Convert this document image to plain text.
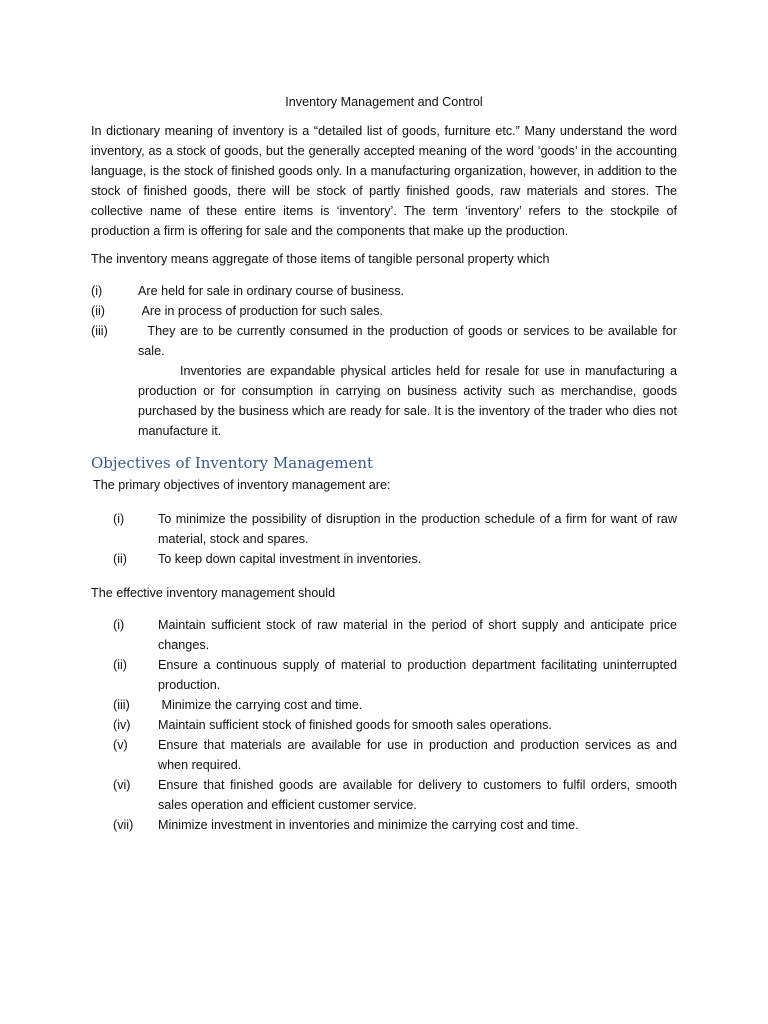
Inventory Management and Control

In dictionary meaning of inventory is a “detailed list of goods, furniture etc.” Many understand the word inventory, as a stock of goods, but the generally accepted meaning of the word ‘goods’ in the accounting language, is the stock of finished goods only. In a manufacturing organization, however, in addition to the stock of finished goods, there will be stock of partly finished goods, raw materials and stores. The collective name of these entire items is ‘inventory’. The term ‘inventory’ refers to the stockpile of production a firm is offering for sale and the components that make up the production.

The inventory means aggregate of those items of tangible personal property which

(i)	Are held for sale in ordinary course of business.
(ii)	Are in process of production for such sales.
(iii)	They are to be currently consumed in the production of goods or services to be available for sale.

Inventories are expandable physical articles held for resale for use in manufacturing a production or for consumption in carrying on business activity such as merchandise, goods purchased by the business which are ready for sale. It is the inventory of the trader who dies not manufacture it.

Objectives of Inventory Management

The primary objectives of inventory management are:

(i)	To minimize the possibility of disruption in the production schedule of a firm for want of raw material, stock and spares.
(ii)	To keep down capital investment in inventories.

The effective inventory management should

(i)	Maintain sufficient stock of raw material in the period of short supply and anticipate price changes.
(ii)	Ensure a continuous supply of material to production department facilitating uninterrupted production.
(iii)	Minimize the carrying cost and time.
(iv)	Maintain sufficient stock of finished goods for smooth sales operations.
(v)	Ensure that materials are available for use in production and production services as and when required.
(vi)	Ensure that finished goods are available for delivery to customers to fulfil orders, smooth sales operation and efficient customer service.
(vii)	Minimize investment in inventories and minimize the carrying cost and time.
